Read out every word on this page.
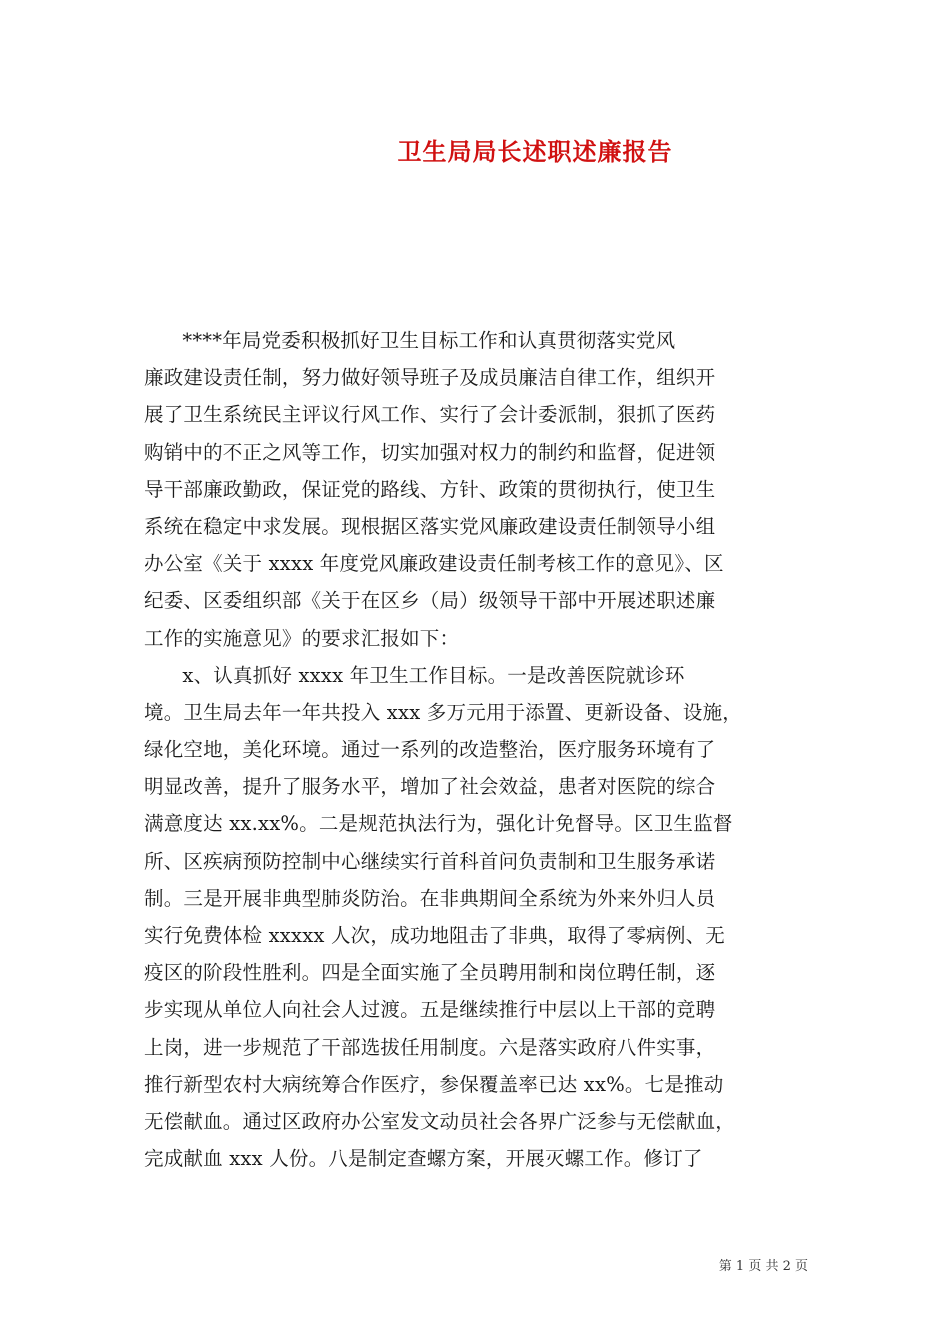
卫生局局长述职述廉报告
****年局党委积极抓好卫生目标工作和认真贯彻落实党风
廉政建设责任制，努力做好领导班子及成员廉洁自律工作，组织开
展了卫生系统民主评议行风工作、实行了会计委派制，狠抓了医药
购销中的不正之风等工作，切实加强对权力的制约和监督，促进领
导干部廉政勤政，保证党的路线、方针、政策的贯彻执行，使卫生
系统在稳定中求发展。现根据区落实党风廉政建设责任制领导小组
办公室《关于 xxxx 年度党风廉政建设责任制考核工作的意见》、区
纪委、区委组织部《关于在区乡（局）级领导干部中开展述职述廉
工作的实施意见》的要求汇报如下：
x、认真抓好 xxxx 年卫生工作目标。一是改善医院就诊环
境。卫生局去年一年共投入 xxx 多万元用于添置、更新设备、设施，
绿化空地，美化环境。通过一系列的改造整治，医疗服务环境有了
明显改善，提升了服务水平，增加了社会效益，患者对医院的综合
满意度达 xx.xx%。二是规范执法行为，强化计免督导。区卫生监督
所、区疾病预防控制中心继续实行首科首问负责制和卫生服务承诺
制。三是开展非典型肺炎防治。在非典期间全系统为外来外归人员
实行免费体检 xxxxx 人次，成功地阻击了非典，取得了零病例、无
疫区的阶段性胜利。四是全面实施了全员聘用制和岗位聘任制，逐
步实现从单位人向社会人过渡。五是继续推行中层以上干部的竞聘
上岗，进一步规范了干部选拔任用制度。六是落实政府八件实事，
推行新型农村大病统筹合作医疗，参保覆盖率已达 xx%。七是推动
无偿献血。通过区政府办公室发文动员社会各界广泛参与无偿献血，
完成献血 xxx 人份。八是制定查螺方案，开展灭螺工作。修订了
第 1 页 共 2 页
